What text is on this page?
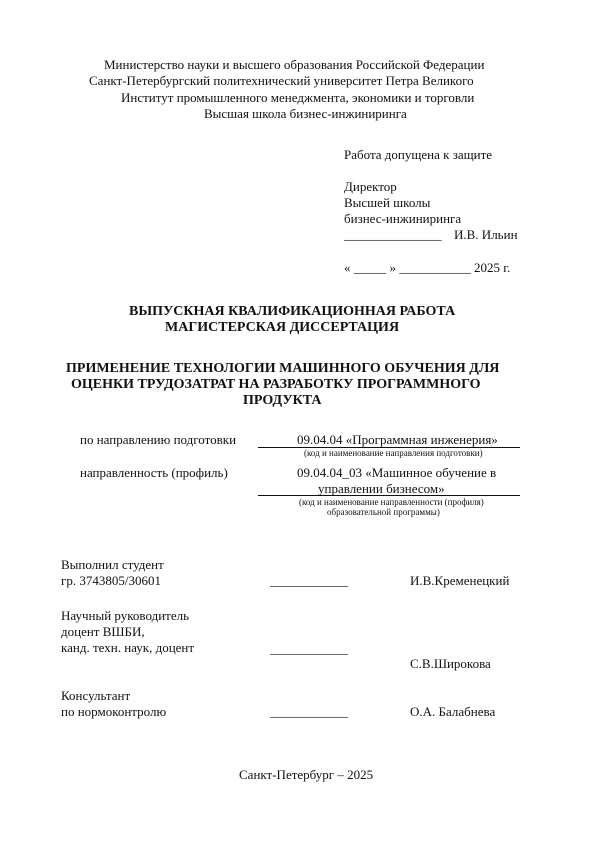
Министерство науки и высшего образования Российской Федерации
Санкт-Петербургский политехнический университет Петра Великого
Институт промышленного менеджмента, экономики и торговли
Высшая школа бизнес-инжиниринга
Работа допущена к защите
Директор
Высшей школы
бизнес-инжиниринга
_______________ И.В. Ильин
« _____ » ___________ 2025 г.
ВЫПУСКНАЯ КВАЛИФИКАЦИОННАЯ РАБОТА
МАГИСТЕРСКАЯ ДИССЕРТАЦИЯ
ПРИМЕНЕНИЕ ТЕХНОЛОГИИ МАШИННОГО ОБУЧЕНИЯ ДЛЯ
ОЦЕНКИ ТРУДОЗАТРАТ НА РАЗРАБОТКУ ПРОГРАММНОГО
ПРОДУКТА
по направлению подготовки	09.04.04 «Программная инженерия»
(код и наименование направления подготовки)
направленность (профиль)	09.04.04_03 «Машинное обучение в
управлении бизнесом»
(код и наименование направленности (профиля)
образовательной программы)
Выполнил студент
гр. 3743805/30601	____________	И.В.Кременецкий
Научный руководитель
доцент ВШБИ,
канд. техн. наук, доцент	____________
С.В.Широкова
Консультант
по нормоконтролю	____________	О.А. Балабнева
Санкт-Петербург – 2025
